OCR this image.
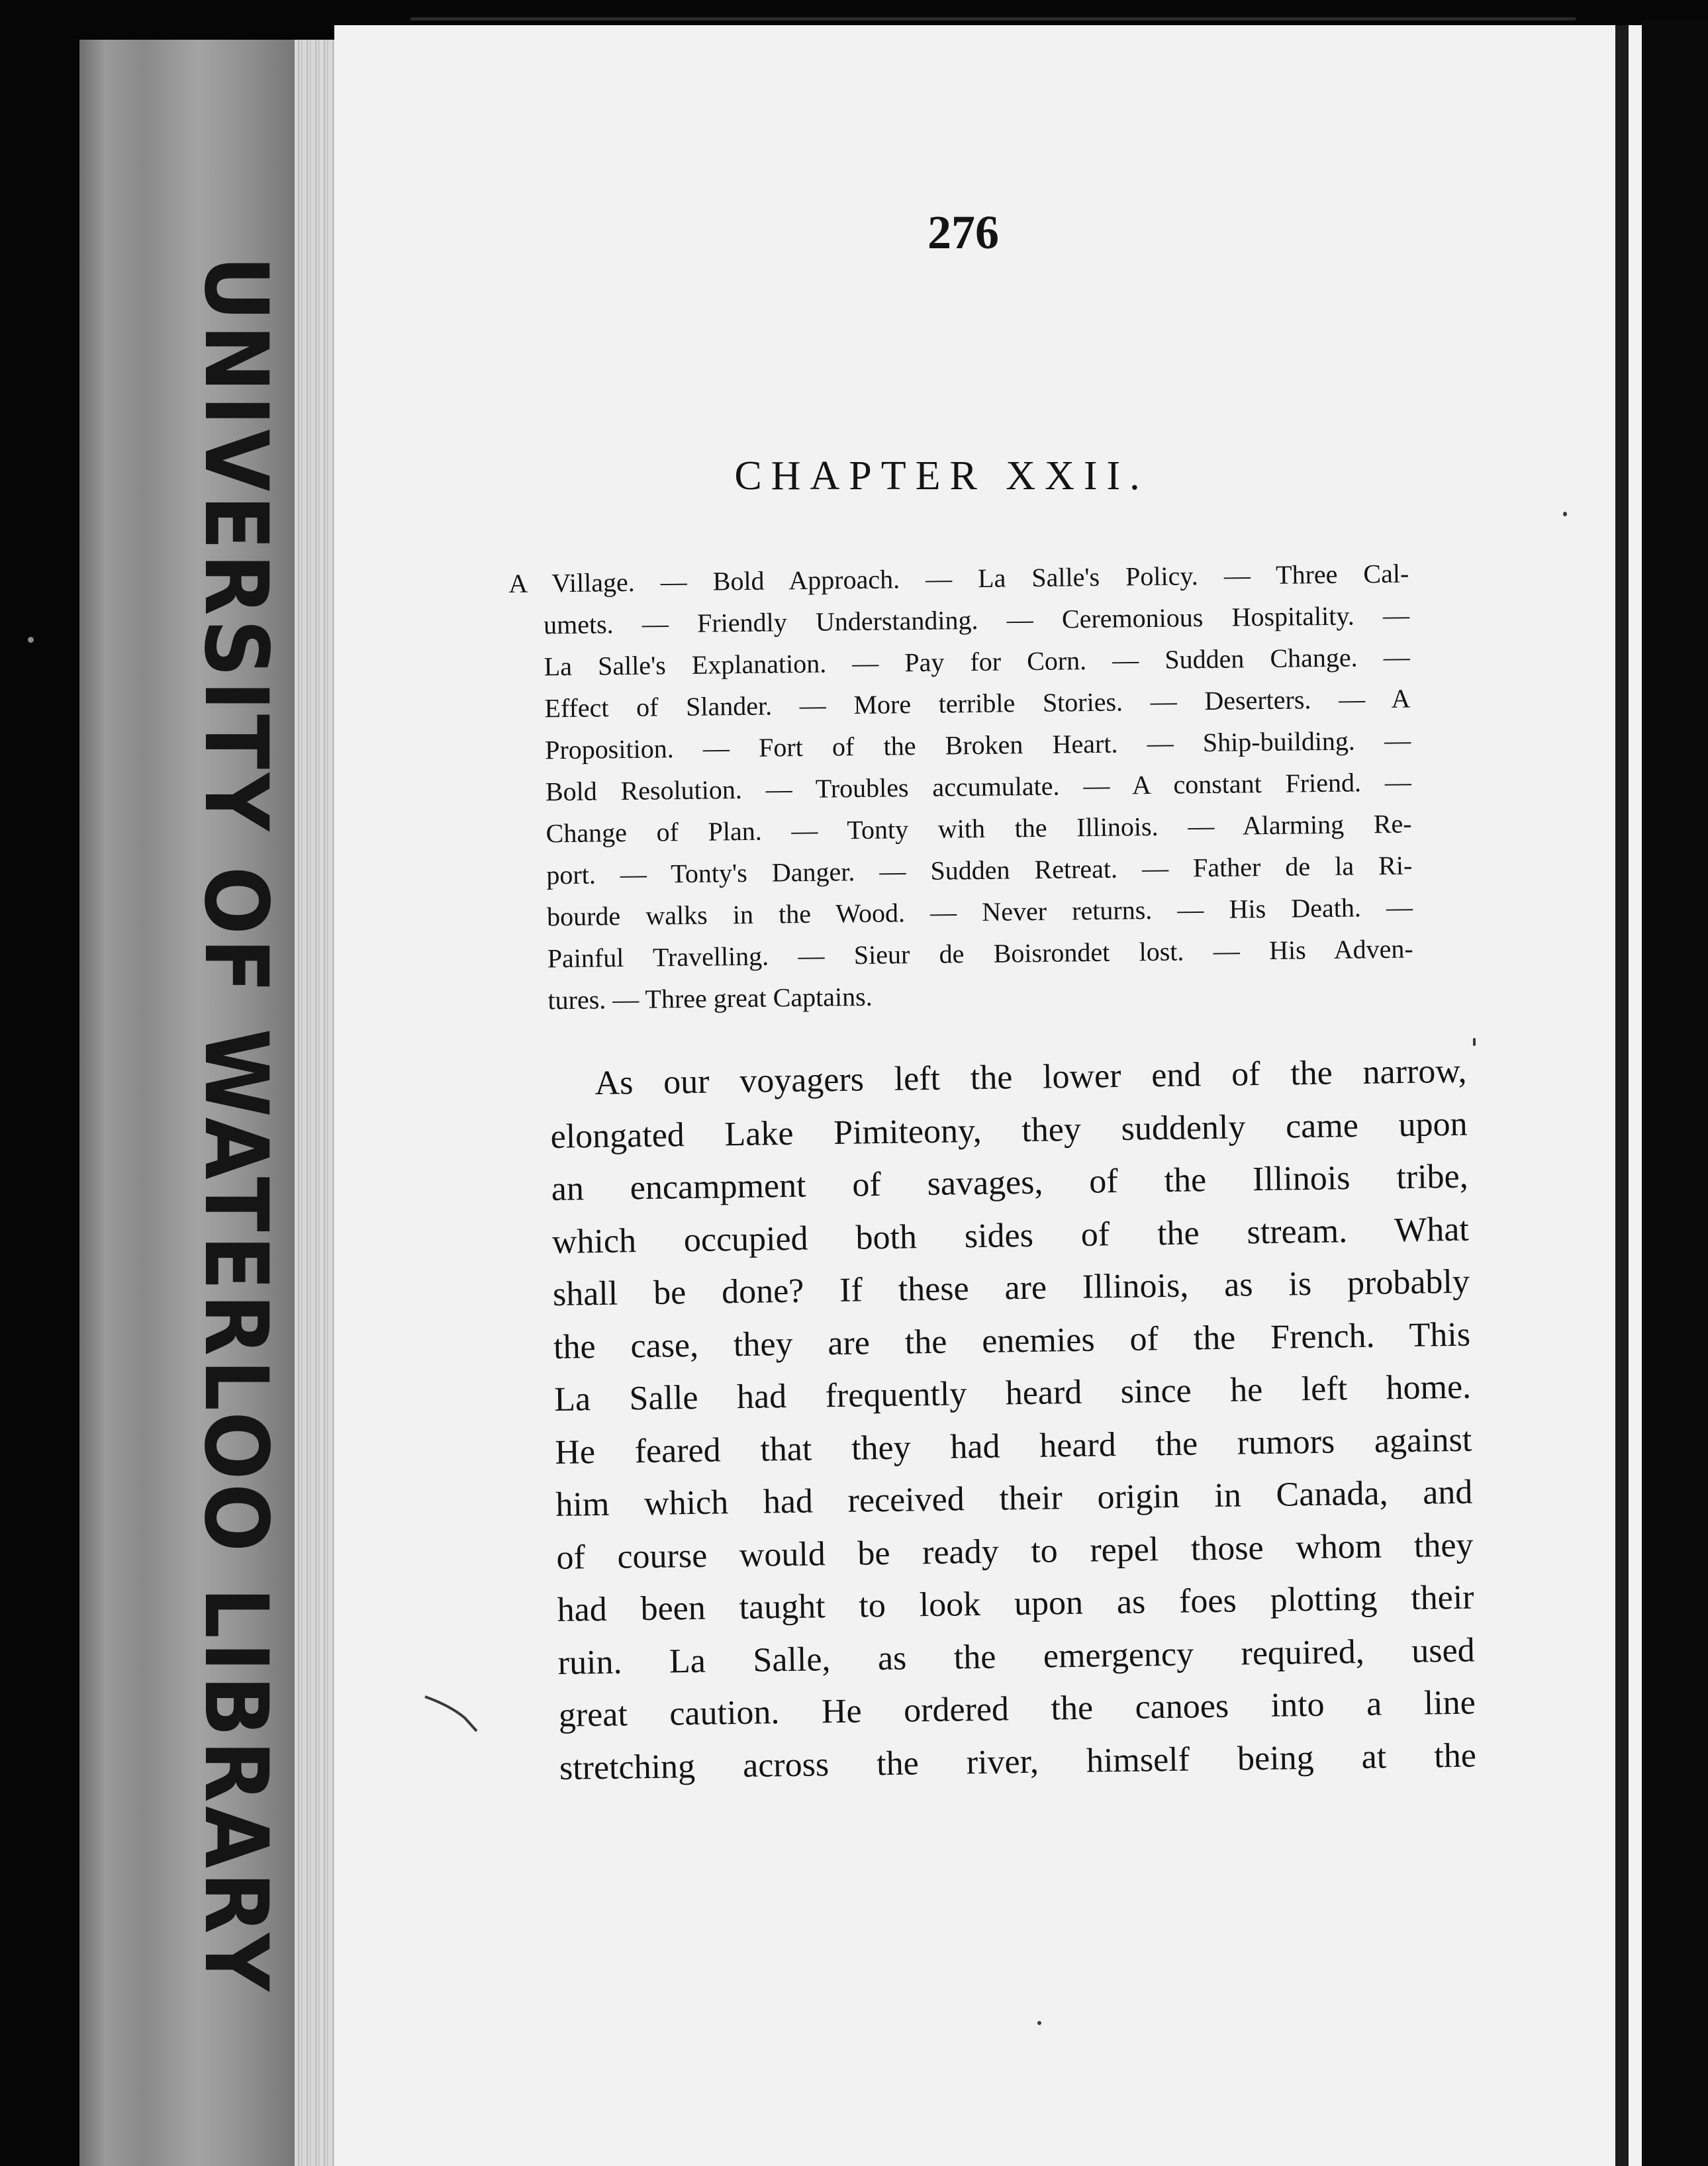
UNIVERSITY OF WATERLOO LIBRARY
276
CHAPTER XXII.
A Village. — Bold Approach. — La Salle's Policy. — Three Cal-
umets. — Friendly Understanding. — Ceremonious Hospitality. —
La Salle's Explanation. — Pay for Corn. — Sudden Change. —
Effect of Slander. — More terrible Stories. — Deserters. — A
Proposition. — Fort of the Broken Heart. — Ship-building. —
Bold Resolution. — Troubles accumulate. — A constant Friend. —
Change of Plan. — Tonty with the Illinois. — Alarming Re-
port. — Tonty's Danger. — Sudden Retreat. — Father de la Ri-
bourde walks in the Wood. — Never returns. — His Death. —
Painful Travelling. — Sieur de Boisrondet lost. — His Adven-
tures. — Three great Captains.
As our voyagers left the lower end of the narrow,
elongated Lake Pimiteony, they suddenly came upon
an encampment of savages, of the Illinois tribe,
which occupied both sides of the stream. What
shall be done? If these are Illinois, as is probably
the case, they are the enemies of the French. This
La Salle had frequently heard since he left home.
He feared that they had heard the rumors against
him which had received their origin in Canada, and
of course would be ready to repel those whom they
had been taught to look upon as foes plotting their
ruin. La Salle, as the emergency required, used
great caution. He ordered the canoes into a line
stretching across the river, himself being at the
